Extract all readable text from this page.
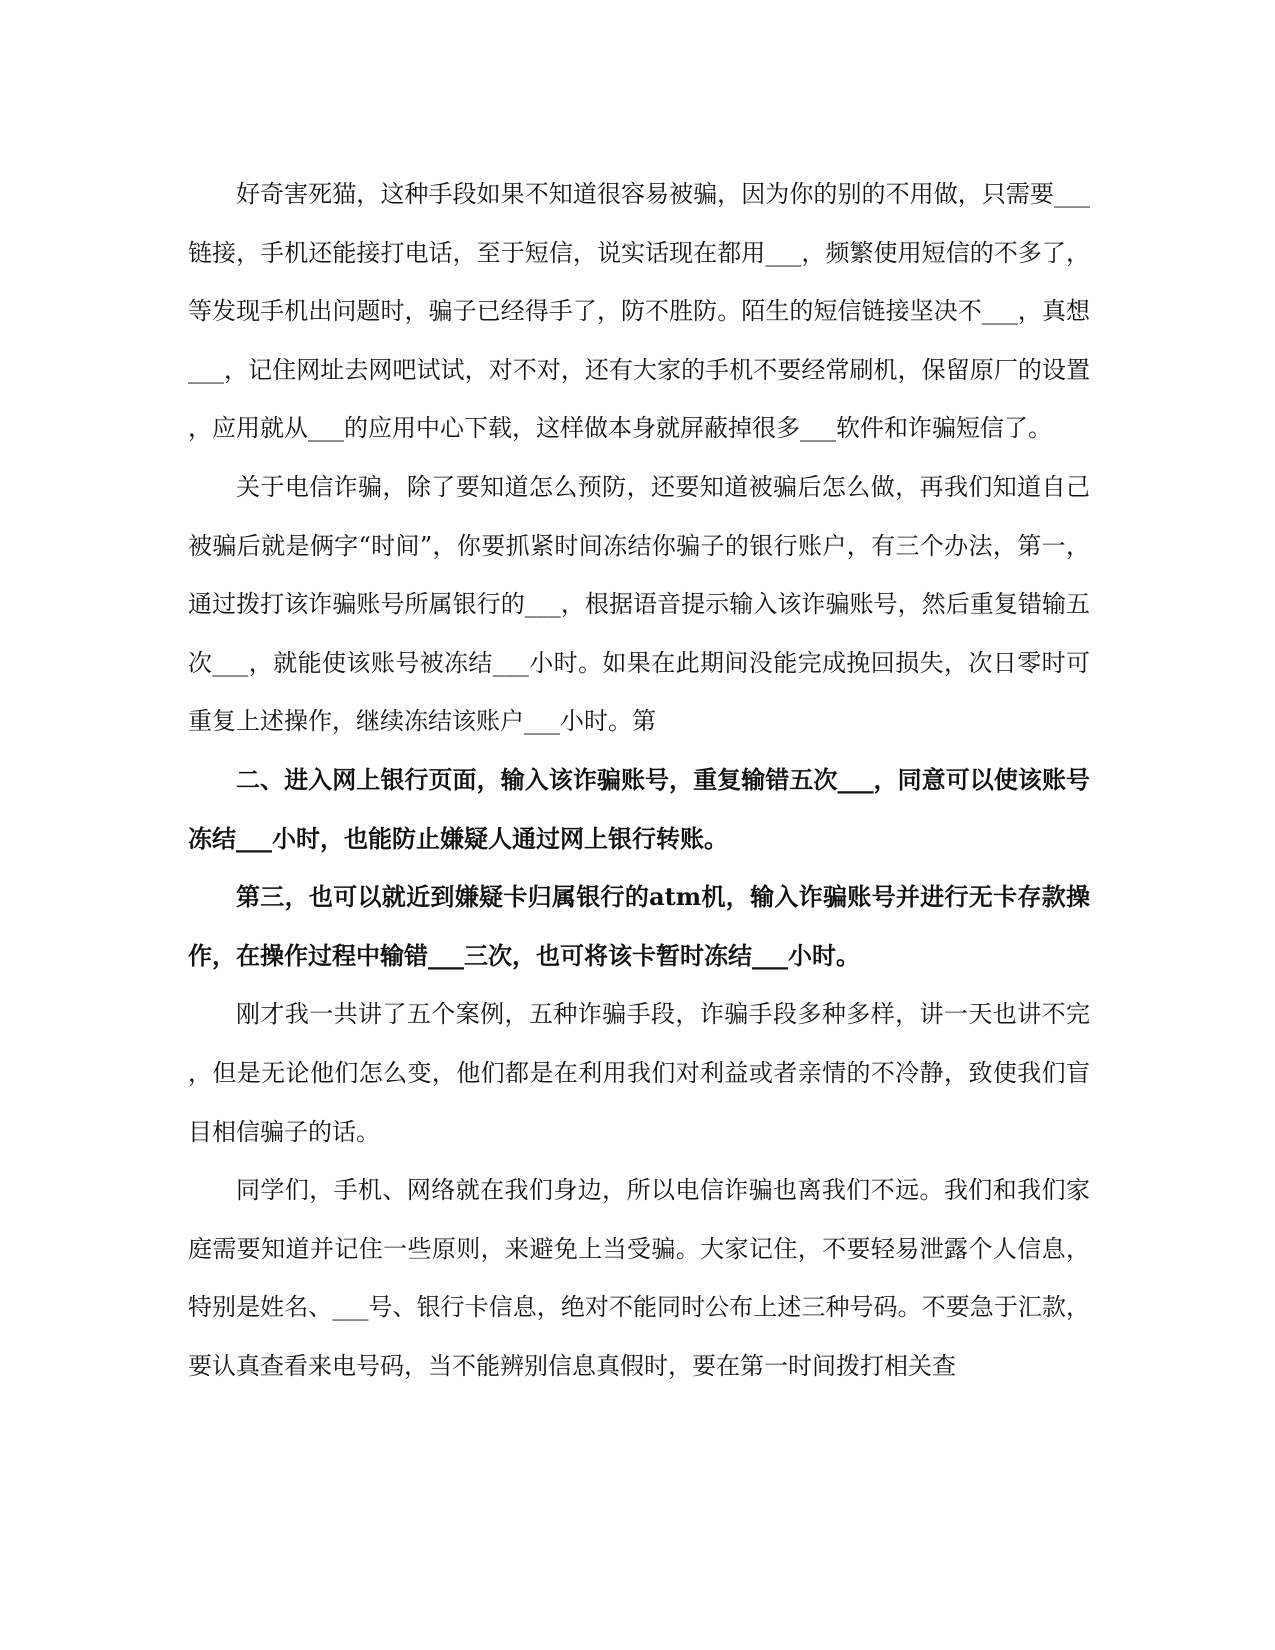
好奇害死猫，这种手段如果不知道很容易被骗，因为你的别的不用做，只需要___链接，手机还能接打电话，至于短信，说实话现在都用___，频繁使用短信的不多了，等发现手机出问题时，骗子已经得手了，防不胜防。陌生的短信链接坚决不___，真想___，记住网址去网吧试试，对不对，还有大家的手机不要经常刷机，保留原厂的设置，应用就从___的应用中心下载，这样做本身就屏蔽掉很多___软件和诈骗短信了。

关于电信诈骗，除了要知道怎么预防，还要知道被骗后怎么做，再我们知道自己被骗后就是俩字“时间”，你要抓紧时间冻结你骗子的银行账户，有三个办法，第一，通过拨打该诈骗账号所属银行的___，根据语音提示输入该诈骗账号，然后重复错输五次___，就能使该账号被冻结___小时。如果在此期间没能完成挽回损失，次日零时可重复上述操作，继续冻结该账户___小时。第

二、进入网上银行页面，输入该诈骗账号，重复输错五次___，同意可以使该账号冻结___小时，也能防止嫌疑人通过网上银行转账。

第三，也可以就近到嫌疑卡归属银行的atm机，输入诈骗账号并进行无卡存款操作，在操作过程中输错___三次，也可将该卡暂时冻结___小时。

刚才我一共讲了五个案例，五种诈骗手段，诈骗手段多种多样，讲一天也讲不完，但是无论他们怎么变，他们都是在利用我们对利益或者亲情的不冷静，致使我们盲目相信骗子的话。

同学们，手机、网络就在我们身边，所以电信诈骗也离我们不远。我们和我们家庭需要知道并记住一些原则，来避免上当受骗。大家记住，不要轻易泄露个人信息，特别是姓名、___号、银行卡信息，绝对不能同时公布上述三种号码。不要急于汇款，要认真查看来电号码，当不能辨别信息真假时，要在第一时间拨打相关查
